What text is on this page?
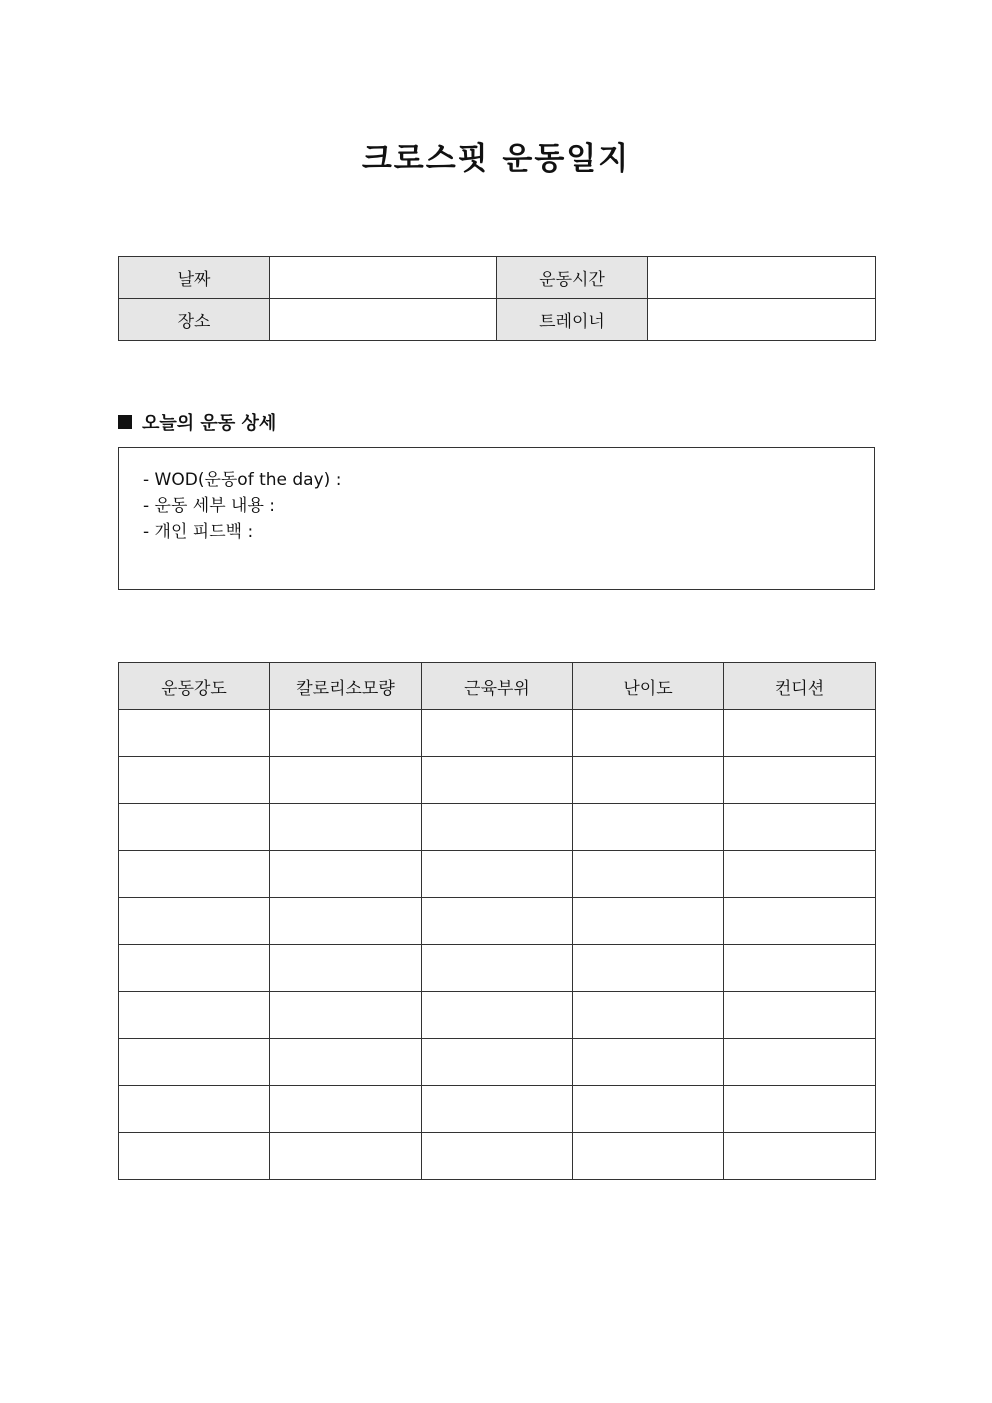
크로스핏 운동일지
날짜		운동시간	
장소		트레이너	
오늘의 운동 상세
- WOD(운동of the day) :
- 운동 세부 내용 :
- 개인 피드백 :
운동강도	칼로리소모량	근육부위	난이도	컨디션
